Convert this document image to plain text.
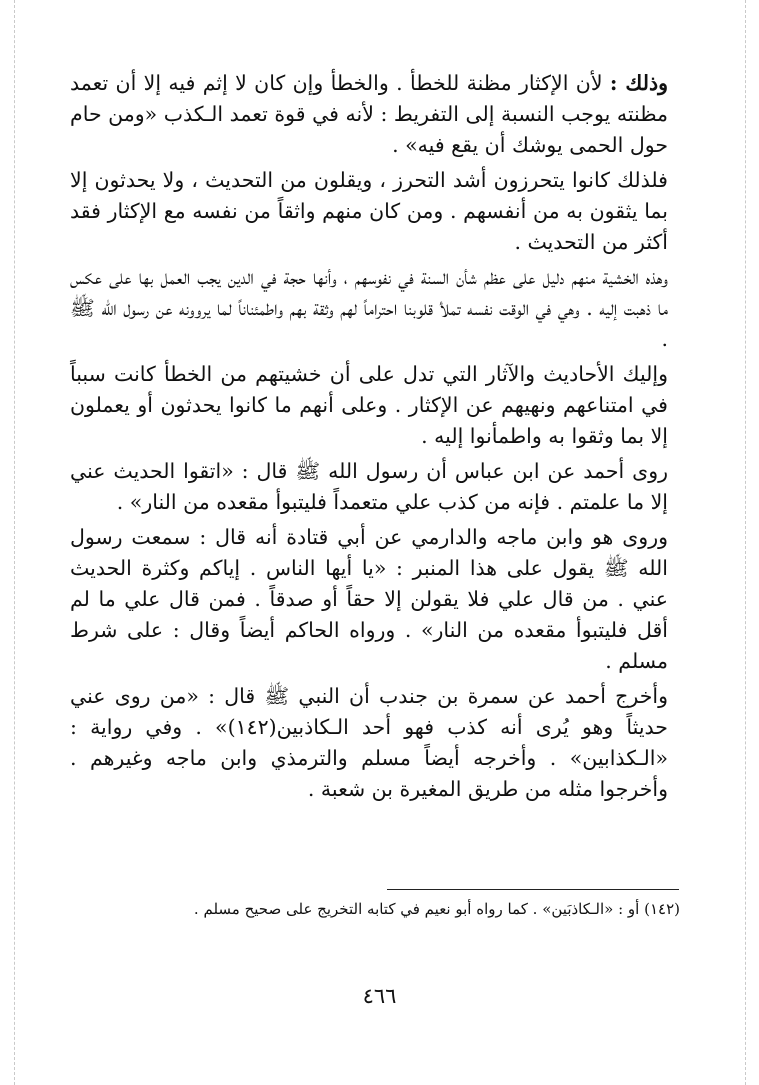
وذلك : لأن الإكثار مظنة للخطأ . والخطأ وإن كان لا إثم فيه إلا أن تعمد مظنته يوجب النسبة إلى التفريط : لأنه في قوة تعمد الـكذب «ومن حام حول الحمى يوشك أن يقع فيه» .

فلذلك كانوا يتحرزون أشد التحرز ، ويقلون من التحديث ، ولا يحدثون إلا بما يثقون به من أنفسهم . ومن كان منهم واثقاً من نفسه مع الإكثار فقد أكثر من التحديث .

وهذه الخشية منهم دليل على عظم شأن السنة في نفوسهم ، وأنها حجة في الدين يجب العمل بها على عكس ما ذهبت إليه . وهي في الوقت نفسه تملأ قلوبنا احتراماً لهم وثقة بهم واطمئناناً لما يروونه عن رسول الله ﷺ .

وإليك الأحاديث والآثار التي تدل على أن خشيتهم من الخطأ كانت سبباً في امتناعهم ونهيهم عن الإكثار . وعلى أنهم ما كانوا يحدثون أو يعملون إلا بما وثقوا به واطمأنوا إليه .

روى أحمد عن ابن عباس أن رسول الله ﷺ قال : «اتقوا الحديث عني إلا ما علمتم . فإنه من كذب علي متعمداً فليتبوأ مقعده من النار» .

وروى هو وابن ماجه والدارمي عن أبي قتادة أنه قال : سمعت رسول الله ﷺ يقول على هذا المنبر : «يا أيها الناس . إياكم وكثرة الحديث عني . من قال علي فلا يقولن إلا حقاً أو صدقاً . فمن قال علي ما لم أقل فليتبوأ مقعده من النار» . ورواه الحاكم أيضاً وقال : على شرط مسلم .

وأخرج أحمد عن سمرة بن جندب أن النبي ﷺ قال : «من روى عني حديثاً وهو يُرى أنه كذب فهو أحد الـكاذبين(١٤٢)» . وفي رواية : «الـكذابين» . وأخرجه أيضاً مسلم والترمذي وابن ماجه وغيرهم . وأخرجوا مثله من طريق المغيرة بن شعبة .

(١٤٢) أو : «الـكاذبَين» . كما رواه أبو نعيم في كتابه التخريج على صحيح مسلم .
٤٦٦
